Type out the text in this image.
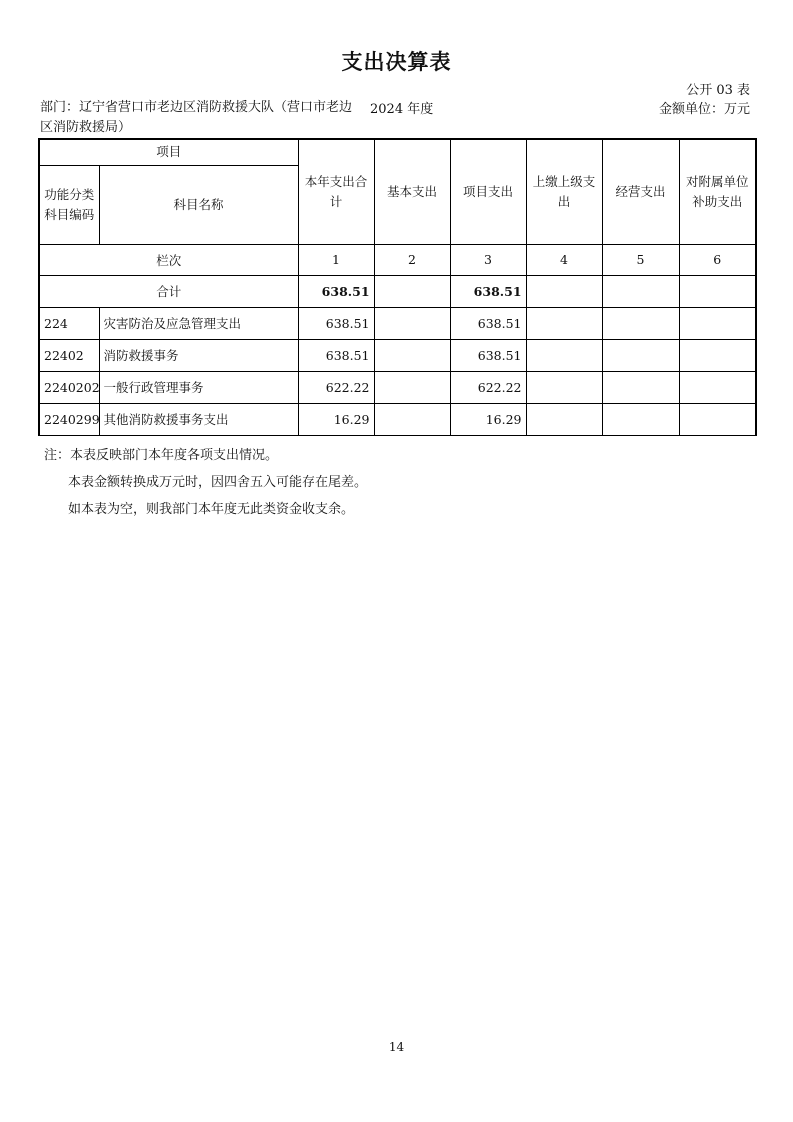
支出决算表
公开 03 表
部门：辽宁省营口市老边区消防救援大队（营口市老边区消防救援局）
2024 年度	金额单位：万元
项目		本年支出合计	基本支出	项目支出	上缴上级支出	经营支出	对附属单位补助支出
功能分类科目编码	科目名称						
栏次		1	2	3	4	5	6
合计		638.51		638.51			
224	灾害防治及应急管理支出	638.51		638.51			
22402	消防救援事务	638.51		638.51			
2240202	一般行政管理事务	622.22		622.22			
2240299	其他消防救援事务支出	16.29		16.29			
注：本表反映部门本年度各项支出情况。
本表金额转换成万元时，因四舍五入可能存在尾差。
如本表为空，则我部门本年度无此类资金收支余。
14
